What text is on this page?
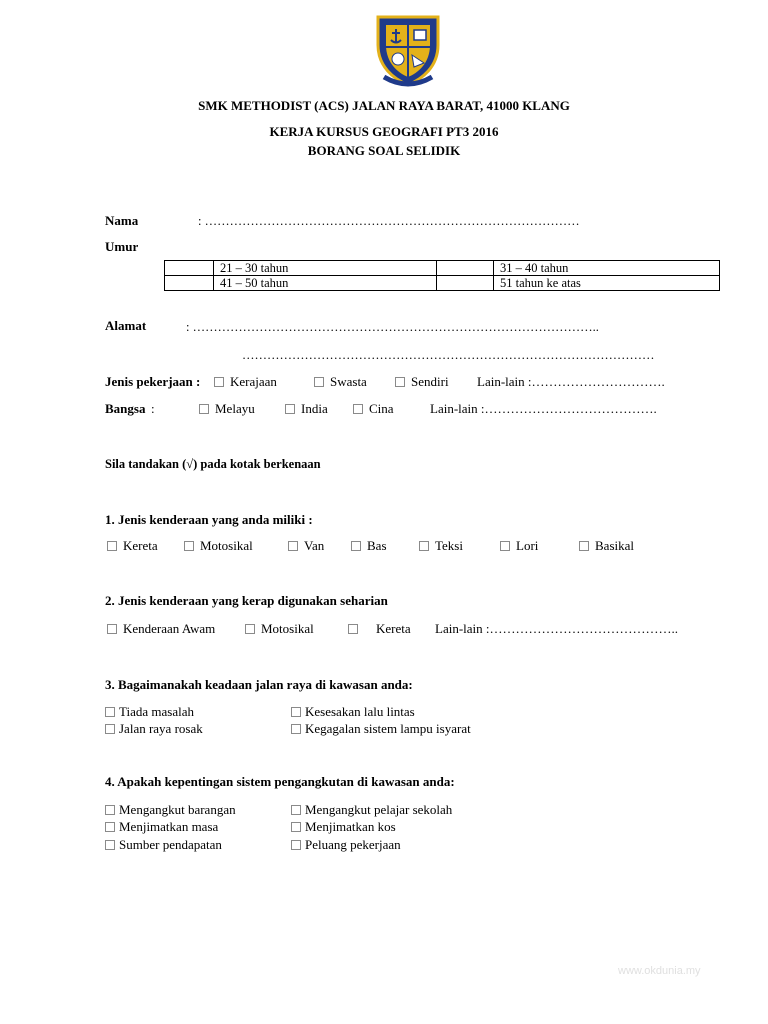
SMK METHODIST (ACS) JALAN RAYA BARAT, 41000 KLANG
KERJA KURSUS GEOGRAFI PT3 2016
BORANG SOAL SELIDIK
Nama	: ………………………………………………………………………………
Umur
	21 – 30 tahun		31 – 40 tahun
	41 – 50 tahun		51 tahun ke atas
Alamat	: ……………………………………………………………………………………..
………………………………………………………………………………………
Jenis pekerjaan :	Kerajaan	Swasta	Sendiri Lain-lain :………………………….
Bangsa :	Melayu	India	Cina	Lain-lain :………………………………….
Sila tandakan (√) pada kotak berkenaan
1. Jenis kenderaan yang anda miliki :
Kereta	Motosikal	Van	Bas	Teksi	Lori	Basikal
2. Jenis kenderaan yang kerap digunakan seharian
Kenderaan Awam	Motosikal	Kereta Lain-lain :……………………………………..
3. Bagaimanakah keadaan jalan raya di kawasan anda:
Tiada masalah	Kesesakan lalu lintas
Jalan raya rosak	Kegagalan sistem lampu isyarat
4. Apakah kepentingan sistem pengangkutan di kawasan anda:
Mengangkut barangan	Mengangkut pelajar sekolah
Menjimatkan masa	Menjimatkan kos
Sumber pendapatan	Peluang pekerjaan
www.okdunia.my
